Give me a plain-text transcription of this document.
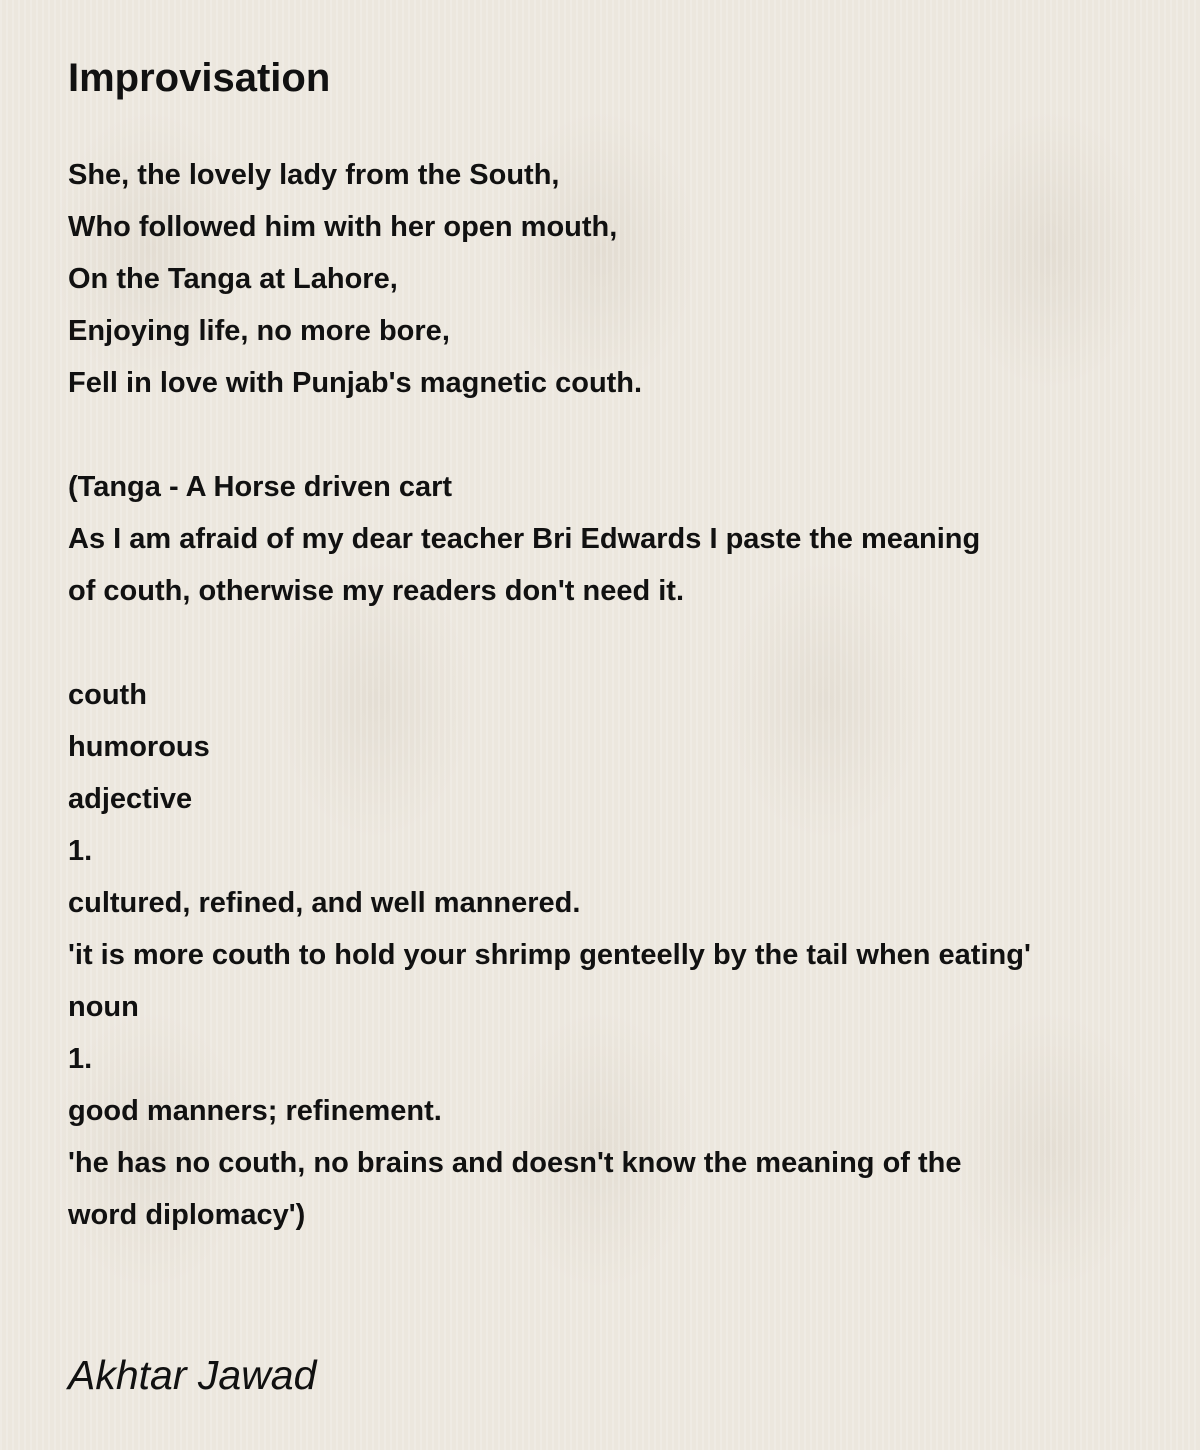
Improvisation
She, the lovely lady from the South,
Who followed him with her open mouth,
On the Tanga at Lahore,
Enjoying life, no more bore,
Fell in love with Punjab's magnetic couth.
(Tanga - A Horse driven cart
As I am afraid of my dear teacher Bri Edwards I paste the meaning
of couth, otherwise my readers don't need it.
couth
humorous
adjective
1.
cultured, refined, and well mannered.
'it is more couth to hold your shrimp genteelly by the tail when eating'
noun
1.
good manners; refinement.
'he has no couth, no brains and doesn't know the meaning of the
word diplomacy')
Akhtar Jawad
